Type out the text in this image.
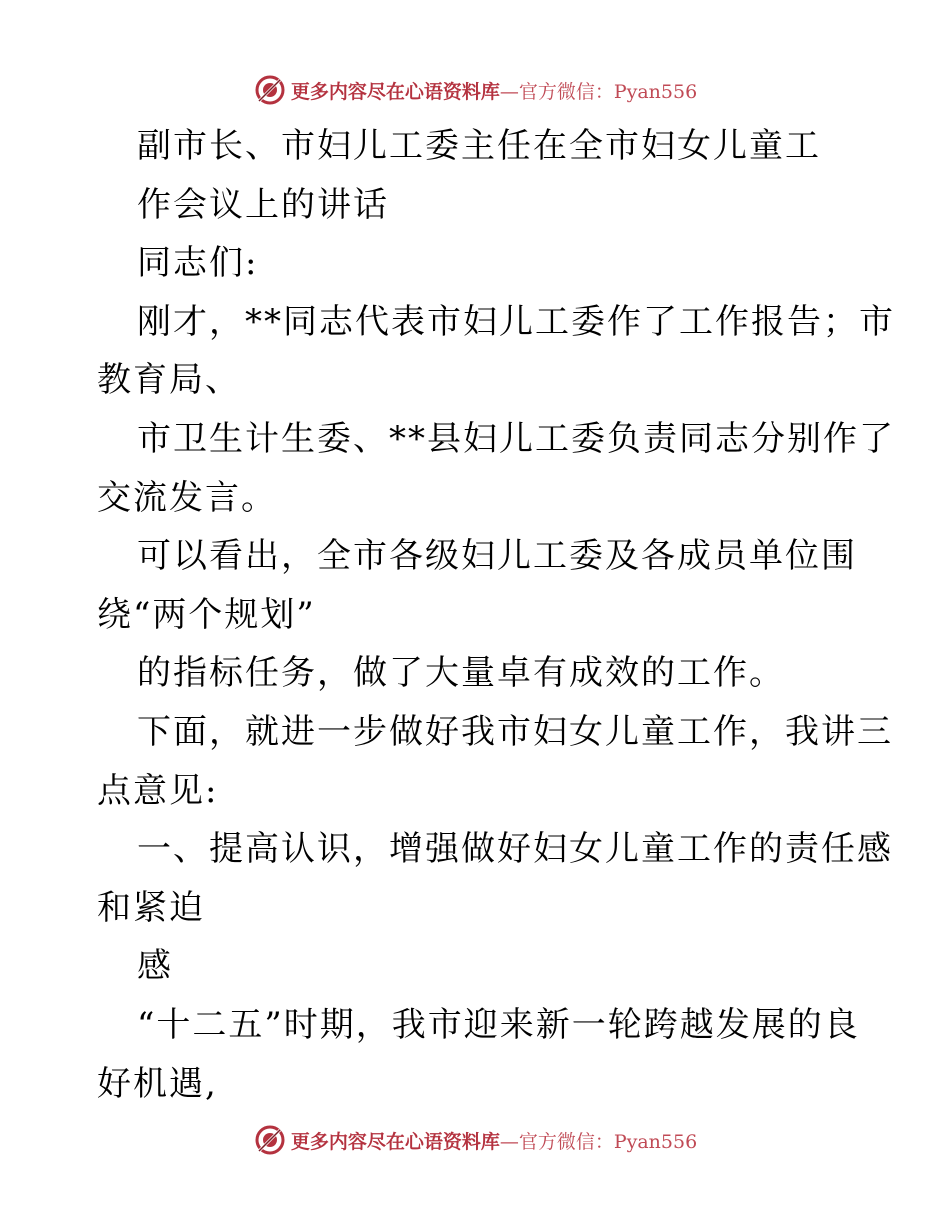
更多内容尽在心语资料库 —官方微信：Pyan556
副市长、市妇儿工委主任在全市妇女儿童工
作会议上的讲话
同志们:
刚才，**同志代表市妇儿工委作了工作报告；市
教育局、
市卫生计生委、**县妇儿工委负责同志分别作了
交流发言。
可以看出，全市各级妇儿工委及各成员单位围
绕“两个规划”
的指标任务，做了大量卓有成效的工作。
下面，就进一步做好我市妇女儿童工作，我讲三
点意见:
一、提高认识，增强做好妇女儿童工作的责任感
和紧迫
感
“十二五”时期，我市迎来新一轮跨越发展的良
好机遇,
更多内容尽在心语资料库 —官方微信：Pyan556
